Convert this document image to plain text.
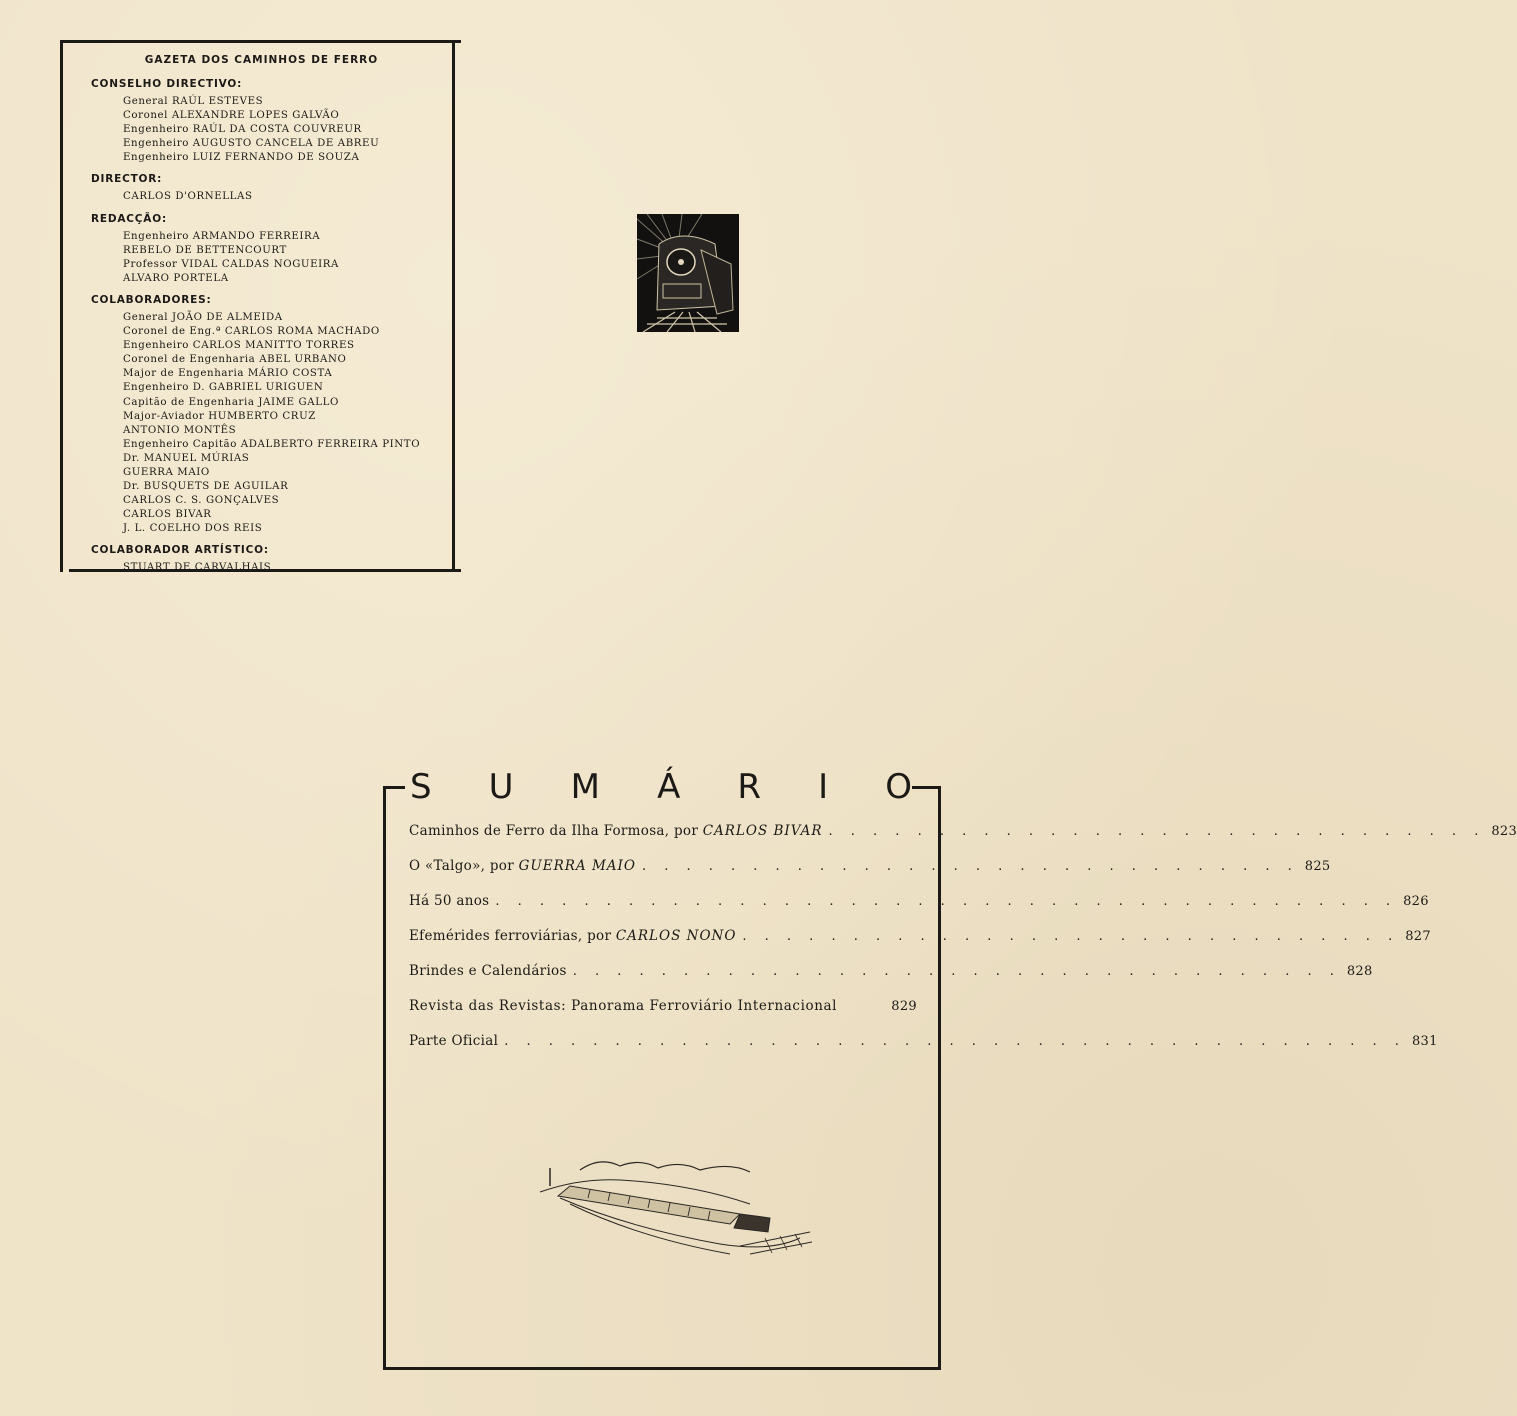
GAZETA DOS CAMINHOS DE FERRO
CONSELHO DIRECTIVO:
General RAÚL ESTEVES
Coronel ALEXANDRE LOPES GALVÃO
Engenheiro RAÚL DA COSTA COUVREUR
Engenheiro AUGUSTO CANCELA DE ABREU
Engenheiro LUIZ FERNANDO DE SOUZA
DIRECTOR:
CARLOS D'ORNELLAS
REDACÇÃO:
Engenheiro ARMANDO FERREIRA
REBELO DE BETTENCOURT
Professor VIDAL CALDAS NOGUEIRA
ALVARO PORTELA
COLABORADORES:
General JOÃO DE ALMEIDA
Coronel de Eng.ª CARLOS ROMA MACHADO
Engenheiro CARLOS MANITTO TORRES
Coronel de Engenharia ABEL URBANO
Major de Engenharia MÁRIO COSTA
Engenheiro D. GABRIEL URIGUEN
Capitão de Engenharia JAIME GALLO
Major-Aviador HUMBERTO CRUZ
ANTONIO MONTÊS
Engenheiro Capitão ADALBERTO FERREIRA PINTO
Dr. MANUEL MÚRIAS
GUERRA MAIO
Dr. BUSQUETS DE AGUILAR
CARLOS C. S. GONÇALVES
CARLOS BIVAR
J. L. COELHO DOS REIS
COLABORADOR ARTÍSTICO:
STUART DE CARVALHAIS
S U M Á R I O
Caminhos de Ferro da Ilha Formosa, por CARLOS BIVAR . . . . . . . . . . . . . . . . . . . . . . . . . . . . . . 823
O «Talgo», por GUERRA MAIO . . . . . . . . . . . . . . . . . . . . . . . . . . . . . . 825
Há 50 anos . . . . . . . . . . . . . . . . . . . . . . . . . . . . . . . . . . . . . . . . . 826
Efemérides ferroviárias, por CARLOS NONO . . . . . . . . . . . . . . . . . . . . . . . . . . . . . . 827
Brindes e Calendários . . . . . . . . . . . . . . . . . . . . . . . . . . . . . . . . . . . 828
Revista das Revistas: Panorama Ferroviário Internacional	829
Parte Oficial . . . . . . . . . . . . . . . . . . . . . . . . . . . . . . . . . . . . . . . . . 831
